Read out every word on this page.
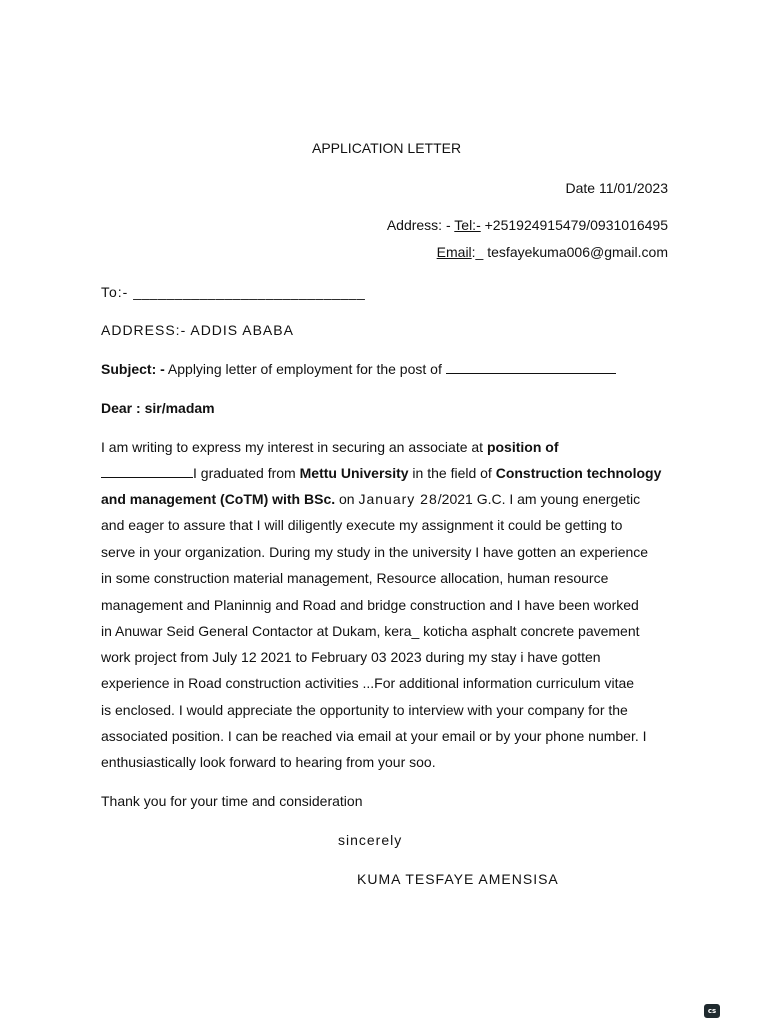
APPLICATION LETTER
Date 11/01/2023
Address: - Tel:- +251924915479/0931016495
Email:_ tesfayekuma006@gmail.com
To:- ____________________________
ADDRESS:- ADDIS ABABA
Subject: - Applying letter of employment for the post of
Dear : sir/madam
I am writing to express my interest in securing an associate at position of
I graduated from Mettu University in the field of Construction technology
and management (CoTM) with BSc. on January 28/2021 G.C. I am young energetic
and eager to assure that I will diligently execute my assignment it could be getting to
serve in your organization. During my study in the university I have gotten an experience
in some construction material management, Resource allocation, human resource
management and Planinnig and Road and bridge construction and I have been worked
in Anuwar Seid General Contactor at Dukam, kera_ koticha asphalt concrete pavement
work project from July 12 2021 to February 03 2023 during my stay i have gotten
experience in Road construction activities ...For additional information curriculum vitae
is enclosed. I would appreciate the opportunity to interview with your company for the
associated position. I can be reached via email at your email or by your phone number. I
enthusiastically look forward to hearing from your soo.
Thank you for your time and consideration
sincerely
KUMA TESFAYE AMENSISA
cs
